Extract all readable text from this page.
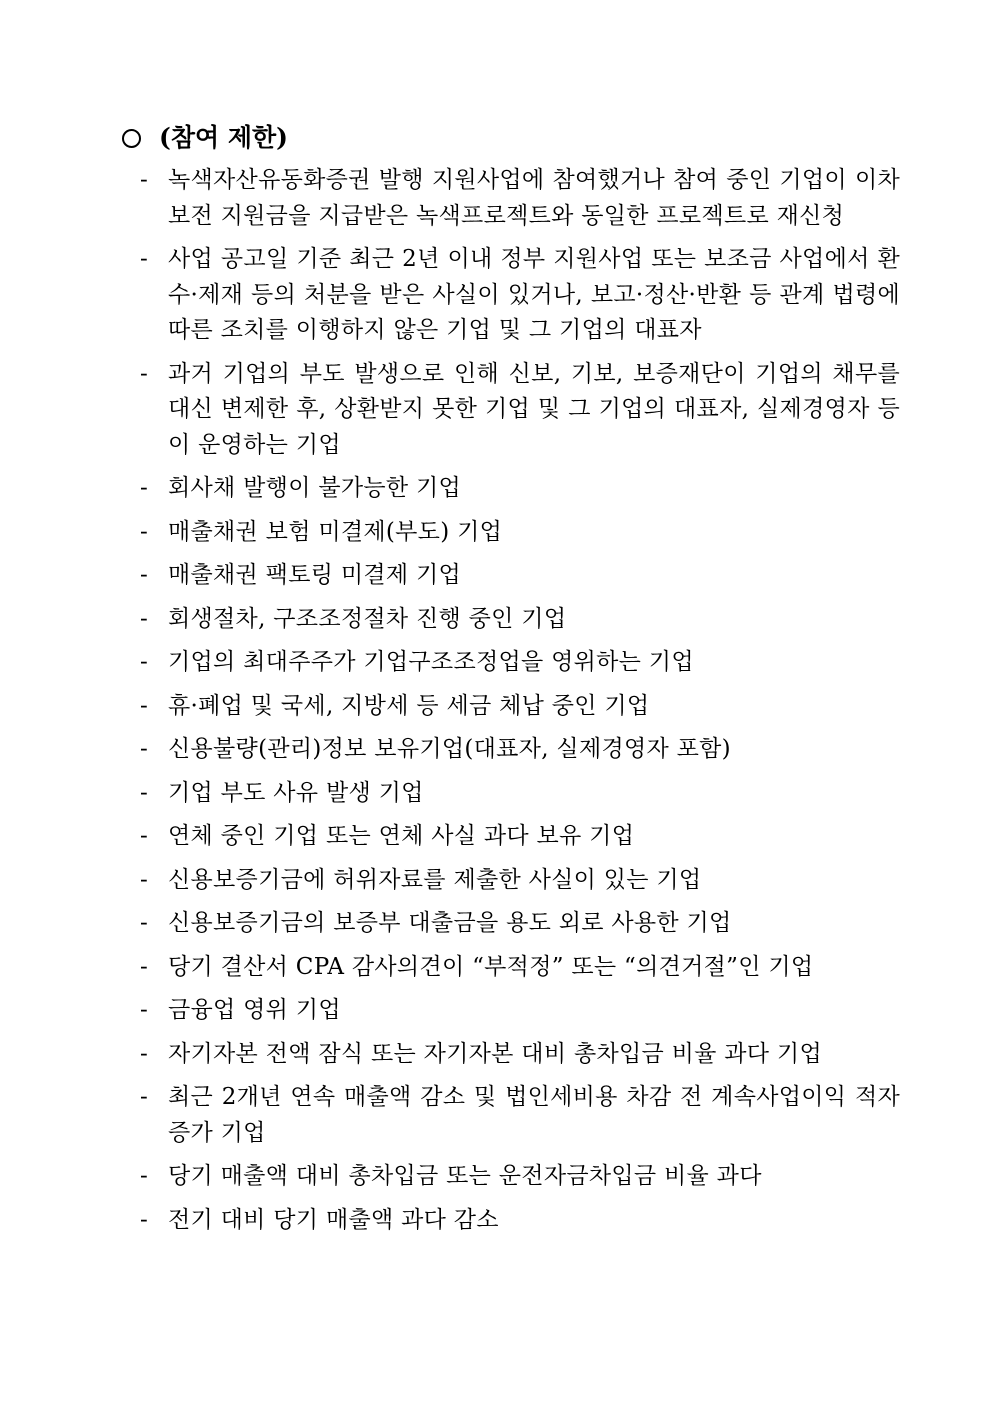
(참여 제한)
- 녹색자산유동화증권 발행 지원사업에 참여했거나 참여 중인 기업이 이차보전 지원금을 지급받은 녹색프로젝트와 동일한 프로젝트로 재신청
- 사업 공고일 기준 최근 2년 이내 정부 지원사업 또는 보조금 사업에서 환수·제재 등의 처분을 받은 사실이 있거나, 보고·정산·반환 등 관계 법령에 따른 조치를 이행하지 않은 기업 및 그 기업의 대표자
- 과거 기업의 부도 발생으로 인해 신보, 기보, 보증재단이 기업의 채무를 대신 변제한 후, 상환받지 못한 기업 및 그 기업의 대표자, 실제경영자 등이 운영하는 기업
- 회사채 발행이 불가능한 기업
- 매출채권 보험 미결제(부도) 기업
- 매출채권 팩토링 미결제 기업
- 회생절차, 구조조정절차 진행 중인 기업
- 기업의 최대주주가 기업구조조정업을 영위하는 기업
- 휴·폐업 및 국세, 지방세 등 세금 체납 중인 기업
- 신용불량(관리)정보 보유기업(대표자, 실제경영자 포함)
- 기업 부도 사유 발생 기업
- 연체 중인 기업 또는 연체 사실 과다 보유 기업
- 신용보증기금에 허위자료를 제출한 사실이 있는 기업
- 신용보증기금의 보증부 대출금을 용도 외로 사용한 기업
- 당기 결산서 CPA 감사의견이 “부적정” 또는 “의견거절”인 기업
- 금융업 영위 기업
- 자기자본 전액 잠식 또는 자기자본 대비 총차입금 비율 과다 기업
- 최근 2개년 연속 매출액 감소 및 법인세비용 차감 전 계속사업이익 적자 증가 기업
- 당기 매출액 대비 총차입금 또는 운전자금차입금 비율 과다
- 전기 대비 당기 매출액 과다 감소
